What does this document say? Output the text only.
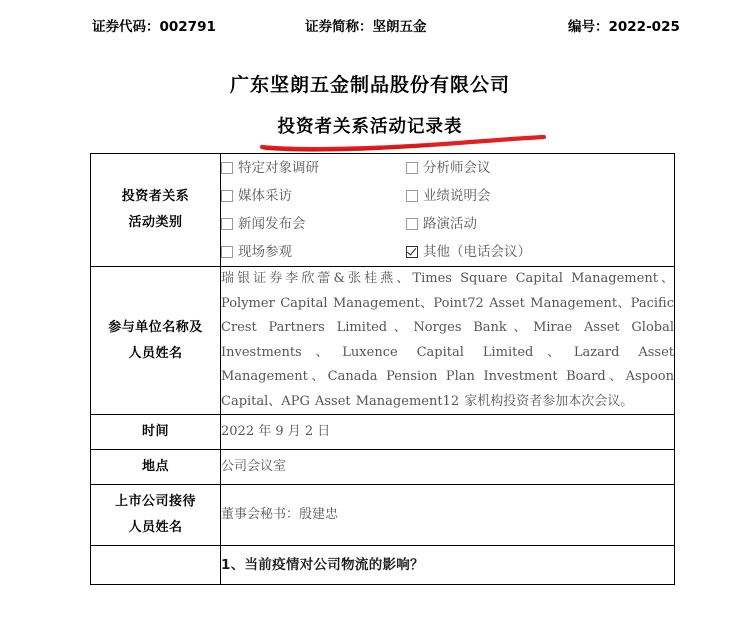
证券代码：002791	证券简称：坚朗五金	编号：2022-025
广东坚朗五金制品股份有限公司
投资者关系活动记录表
投资者关系
活动类别

特定对象调研	分析师会议
媒体采访	业绩说明会
新闻发布会	路演活动
现场参观	其他（电话会议）

参与单位名称及
人员姓名	瑞银证券李欣蕾&张桂燕、Times Square Capital Management、Polymer Capital Management、Point72 Asset Management、Pacific Crest Partners Limited、Norges Bank、Mirae Asset Global Investments、Luxence Capital Limited、Lazard Asset Management、Canada Pension Plan Investment Board、Aspoon Capital、APG Asset Management12 家机构投资者参加本次会议。

时间	2022 年 9 月 2 日

地点	公司会议室

上市公司接待
人员姓名	董事会秘书：殷建忠
	1、当前疫情对公司物流的影响？
